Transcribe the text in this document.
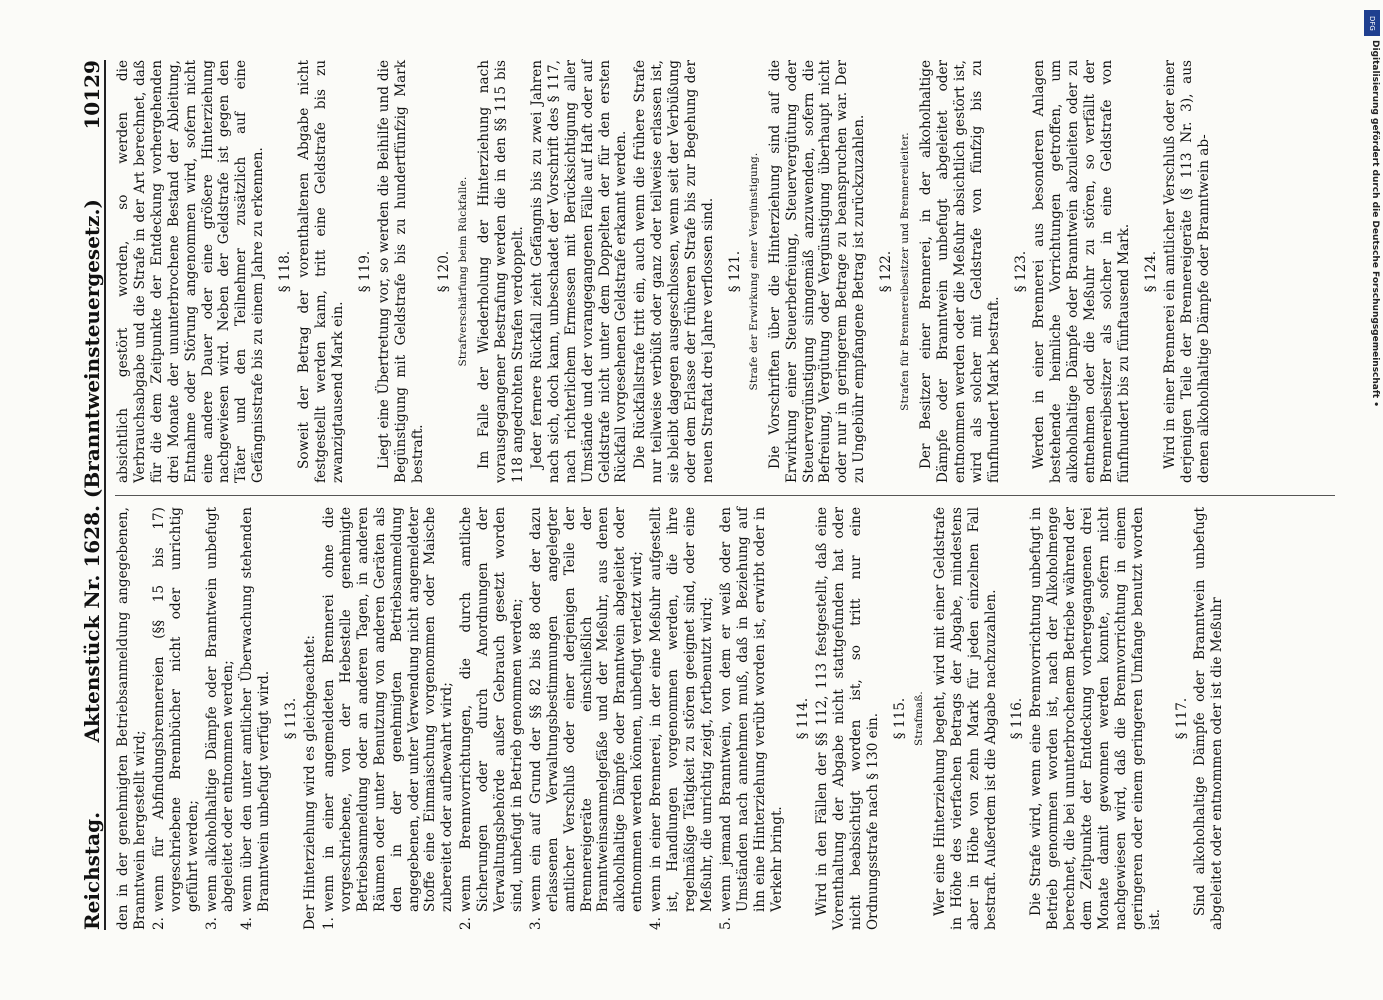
Reichstag.
Aktenstück Nr. 1628. (Branntweinsteuergesetz.)
10129

den in der genehmigten Betriebsanmeldung angegebenen, Branntwein hergestellt wird; 2.
wenn für Abfindungsbrennereien (§§ 15 bis 17) vorgeschriebene Brennbücher nicht oder unrichtig geführt werden;
3.
wenn alkoholhaltige Dämpfe oder Branntwein unbefugt abgeleitet oder entnommen werden;
4.
wenn über den unter amtlicher Überwachung stehenden Branntwein unbefugt verfügt wird. § 113. Der Hinterziehung wird es gleichgeachtet: 1.
wenn in einer angemeldeten Brennerei ohne die vorgeschriebene, von der Hebestelle genehmigte Betriebsanmeldung oder an anderen Tagen, in anderen Räumen oder unter Benutzung von anderen Geräten als den in der genehmigten Betriebsanmeldung angegebenen, oder unter Verwendung nicht angemeldeter Stoffe eine Einmaischung vorgenommen oder Maische zubereitet oder aufbewahrt wird;
2.
wenn Brennvorrichtungen, die durch amtliche Sicherungen oder durch Anordnungen der Verwaltungsbehörde außer Gebrauch gesetzt worden sind, unbefugt in Betrieb genommen werden;
3.
wenn ein auf Grund der §§ 82 bis 88 oder der dazu erlassenen Verwaltungsbestimmungen angelegter amtlicher Verschluß oder einer derjenigen Teile der Brennereigeräte einschließlich der Branntweinsammelgefäße und der Meßuhr, aus denen alkoholhaltige Dämpfe oder Branntwein abgeleitet oder entnommen werden können, unbefugt verletzt wird;
4.
wenn in einer Brennerei, in der eine Meßuhr aufgestellt ist, Handlungen vorgenommen werden, die ihre regelmäßige Tätigkeit zu stören geeignet sind, oder eine Meßuhr, die unrichtig zeigt, fortbenutzt wird;
5.
wenn jemand Branntwein, von dem er weiß oder den Umständen nach annehmen muß, daß in Beziehung auf ihn eine Hinterziehung verübt worden ist, erwirbt oder in Verkehr bringt.
§ 114. Wird in den Fällen der §§ 112, 113 festgestellt, daß eine Vorenthaltung der Abgabe nicht stattgefunden hat oder nicht beabsichtigt worden ist, so tritt nur eine Ordnungsstrafe nach § 130 ein. § 115. Strafmaß. Wer eine Hinterziehung begeht, wird mit einer Geldstrafe in Höhe des vierfachen Betrags der Abgabe, mindestens aber in Höhe von zehn Mark für jeden einzelnen Fall bestraft. Außerdem ist die Abgabe nachzuzahlen. § 116. Die Strafe wird, wenn eine Brennvorrichtung unbefugt in Betrieb genommen worden ist, nach der Alkoholmenge berechnet, die bei ununterbrochenem Betriebe während der dem Zeitpunkte der Entdeckung vorhergegangenen drei Monate damit gewonnen werden konnte, sofern nicht nachgewiesen wird, daß die Brennvorrichtung in einem geringeren oder einem geringeren Umfange benutzt worden ist.

§ 117. Sind alkoholhaltige Dämpfe oder Branntwein unbefugt abgeleitet oder entnommen oder ist die Meßuhr

absichtlich gestört worden, so werden die Verbrauchsabgabe und die Strafe in der Art berechnet, daß für die dem Zeitpunkte der Entdeckung vorhergehenden drei Monate der ununterbrochene Bestand der Ableitung, Entnahme oder Störung angenommen wird, sofern nicht eine andere Dauer oder eine größere Hinterziehung nachgewiesen wird. Neben der Geldstrafe ist gegen den Täter und den Teilnehmer zusätzlich auf eine Gefängnisstrafe bis zu einem Jahre zu erkennen. § 118. Soweit der Betrag der vorenthaltenen Abgabe nicht festgestellt werden kann, tritt eine Geldstrafe bis zu zwanzigtausend Mark ein.

§ 119. Liegt eine Übertretung vor, so werden die Beihilfe und die Begünstigung mit Geldstrafe bis zu hundertfünfzig Mark bestraft.

§ 120. Strafverschärfung beim Rückfalle. Im Falle der Wiederholung der Hinterziehung nach vorausgegangener Bestrafung werden die in den §§ 115 bis 118 angedrohten Strafen verdoppelt. Jeder fernere Rückfall zieht Gefängnis bis zu zwei Jahren nach sich, doch kann, unbeschadet der Vorschrift des § 117, nach richterlichem Ermessen mit Berücksichtigung aller Umstände und der vorangegangenen Fälle auf Haft oder auf Geldstrafe nicht unter dem Doppelten der für den ersten Rückfall vorgesehenen Geldstrafe erkannt werden. Die Rückfallstrafe tritt ein, auch wenn die frühere Strafe nur teilweise verbüßt oder ganz oder teilweise erlassen ist, sie bleibt dagegen ausgeschlossen, wenn seit der Verbüßung oder dem Erlasse der früheren Strafe bis zur Begehung der neuen Straftat drei Jahre verflossen sind. § 121. Strafe der Erwirkung einer Vergünstigung. Die Vorschriften über die Hinterziehung sind auf die Erwirkung einer Steuerbefreiung, Steuervergütung oder Steuervergünstigung sinngemäß anzuwenden, sofern die Befreiung, Vergütung oder Vergünstigung überhaupt nicht oder nur in geringerem Betrage zu beanspruchen war. Der zu Ungebühr empfangene Betrag ist zurückzuzahlen. § 122. Strafen für Brennereibesitzer und Brennereileiter. Der Besitzer einer Brennerei, in der alkoholhaltige Dämpfe oder Branntwein unbefugt abgeleitet oder entnommen werden oder die Meßuhr absichtlich gestört ist, wird als solcher mit Geldstrafe von fünfzig bis zu fünfhundert Mark bestraft.

§ 123. Werden in einer Brennerei aus besonderen Anlagen bestehende heimliche Vorrichtungen getroffen, um alkoholhaltige Dämpfe oder Branntwein abzuleiten oder zu entnehmen oder die Meßuhr zu stören, so verfällt der Brennereibesitzer als solcher in eine Geldstrafe von fünfhundert bis zu fünftausend Mark. § 124. Wird in einer Brennerei ein amtlicher Verschluß oder einer derjenigen Teile der Brennereigeräte (§ 113 Nr. 3), aus denen alkoholhaltige Dämpfe oder Branntwein ab-

DFG
Digitalisierung gefördert durch die Deutsche Forschungsgemeinschaft •
